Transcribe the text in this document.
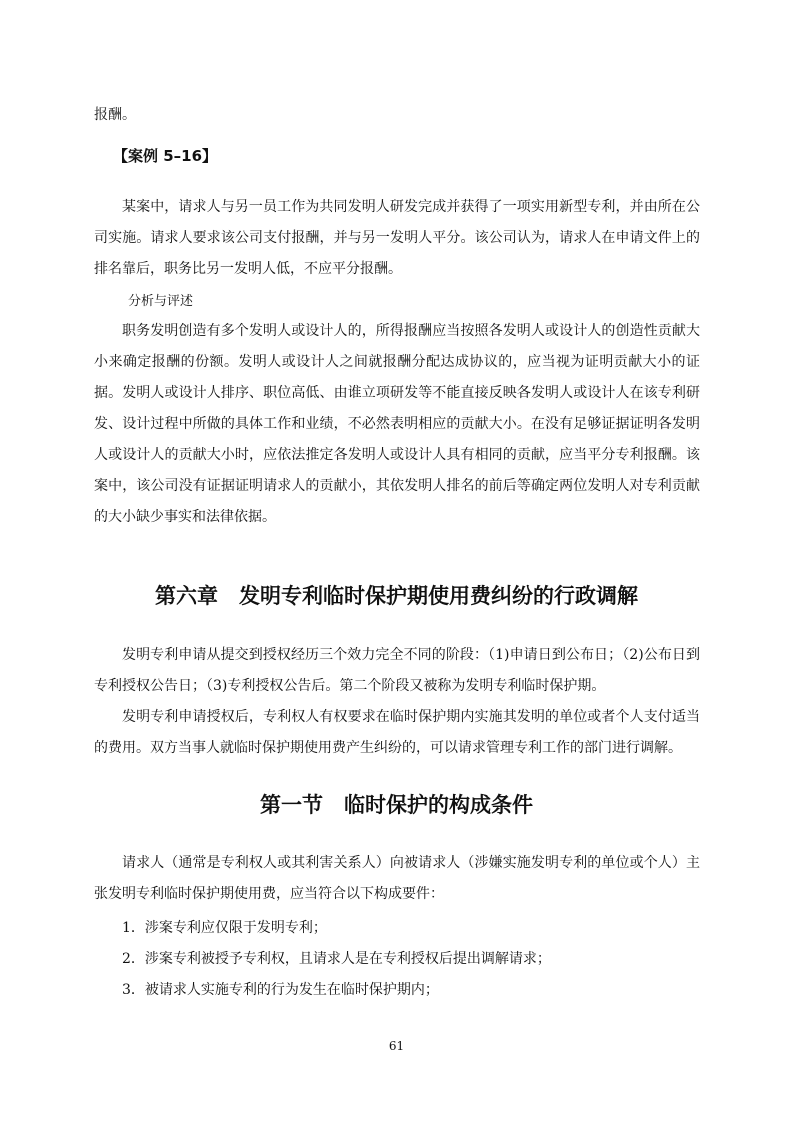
报酬。

【案例 5–16】

某案中，请求人与另一员工作为共同发明人研发完成并获得了一项实用新型专利，并由所在公司实施。请求人要求该公司支付报酬，并与另一发明人平分。该公司认为，请求人在申请文件上的排名靠后，职务比另一发明人低，不应平分报酬。

分析与评述

职务发明创造有多个发明人或设计人的，所得报酬应当按照各发明人或设计人的创造性贡献大小来确定报酬的份额。发明人或设计人之间就报酬分配达成协议的，应当视为证明贡献大小的证据。发明人或设计人排序、职位高低、由谁立项研发等不能直接反映各发明人或设计人在该专利研发、设计过程中所做的具体工作和业绩，不必然表明相应的贡献大小。在没有足够证据证明各发明人或设计人的贡献大小时，应依法推定各发明人或设计人具有相同的贡献，应当平分专利报酬。该案中，该公司没有证据证明请求人的贡献小，其依发明人排名的前后等确定两位发明人对专利贡献的大小缺少事实和法律依据。

第六章　发明专利临时保护期使用费纠纷的行政调解

发明专利申请从提交到授权经历三个效力完全不同的阶段：（1)申请日到公布日；（2)公布日到专利授权公告日；（3)专利授权公告后。第二个阶段又被称为发明专利临时保护期。

发明专利申请授权后，专利权人有权要求在临时保护期内实施其发明的单位或者个人支付适当的费用。双方当事人就临时保护期使用费产生纠纷的，可以请求管理专利工作的部门进行调解。

第一节　临时保护的构成条件

请求人（通常是专利权人或其利害关系人）向被请求人（涉嫌实施发明专利的单位或个人）主张发明专利临时保护期使用费，应当符合以下构成要件：

1．涉案专利应仅限于发明专利；

2．涉案专利被授予专利权，且请求人是在专利授权后提出调解请求；

3．被请求人实施专利的行为发生在临时保护期内；

61
